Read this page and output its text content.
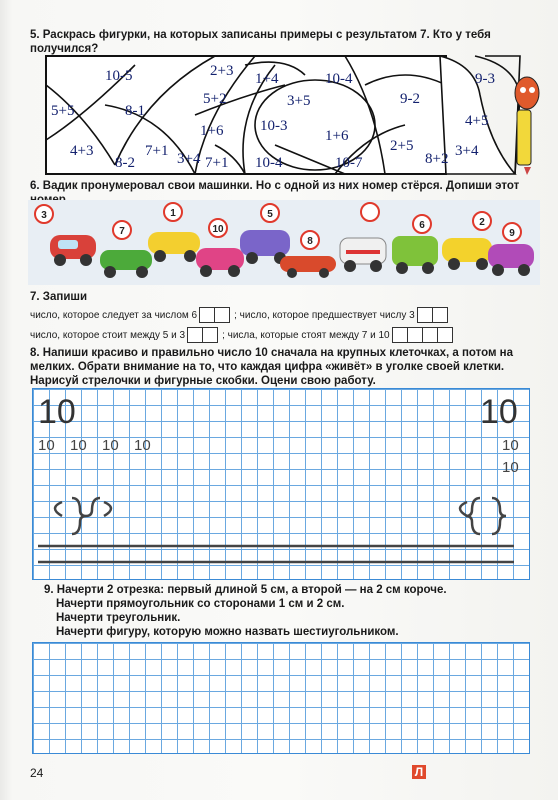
5. Раскрась фигурки, на которых записаны примеры с результатом 7. Кто у тебя получился?
10-5	2+3 1+4	10-4	9-3
5+5	8-1
5+2	3+5	9-2
4+3	7+1
1+6 10-3
1+6
4+5
8-2	3+4 7+1 10-4	10-7
2+5
8+2 3+4
6. Вадик пронумеровал свои машинки. Но с одной из них номер стёрся. Допиши этот
3
7
1
10
5
8
6	2
9
7. Запиши
число, которое следует за числом 6	; число, которое предшествует числу 3
число, которое стоит между 5 и 3	; числа, которые стоят между 7 и 10
8. Напиши красиво и правильно число 10 сначала на крупных клеточках, а потом на мелких. Обрати внимание на то, что каждая цифра «живёт» в уголке своей клетки. Нарисуй стрелочки и фигурные скобки. Оцени свою работу.
10	10
10 10 10 10	10
10
9. Начерти 2 отрезка: первый длиной 5 см, а второй — на 2 см короче.
Начерти прямоугольник со сторонами 1 см и 2 см.
Начерти треугольник.
Начерти фигуру, которую можно назвать шестиугольником.
24	Л
